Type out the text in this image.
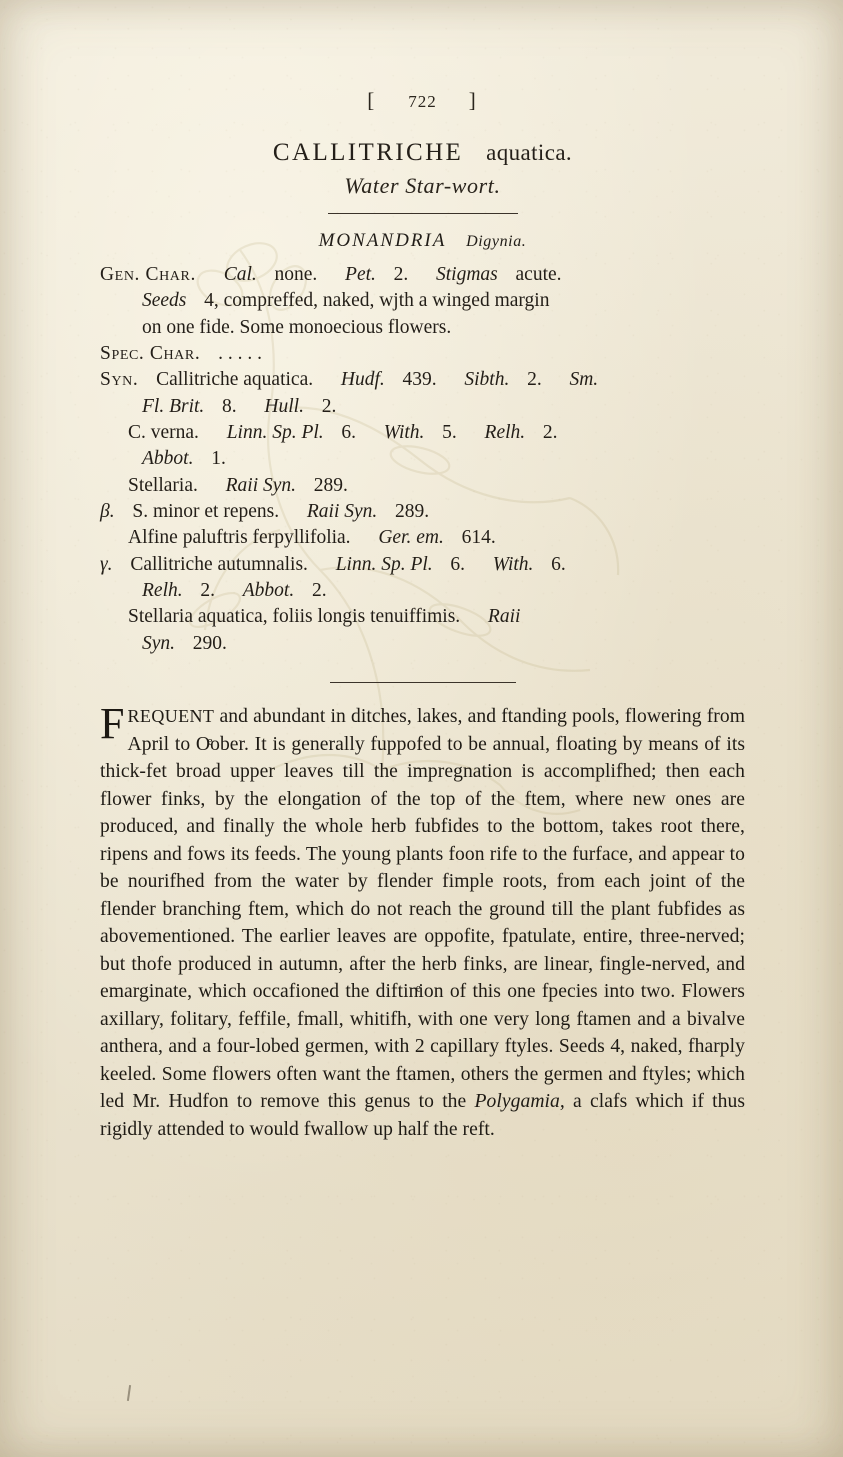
[ 722 ]
CALLITRICHE aquatica.
Water Star-wort.
MONANDRIA Digynia.
Gen. Char. Cal. none. Pet. 2. Stigmas acute.
Seeds 4, compreffed, naked, wjth a winged margin
on one fide. Some monoecious flowers.
Spec. Char. . . . . .
Syn. Callitriche aquatica. Hudf. 439. Sibth. 2. Sm.
Fl. Brit. 8. Hull. 2.
C. verna. Linn. Sp. Pl. 6. With. 5. Relh. 2.
Abbot. 1.
Stellaria. Raii Syn. 289.
β. S. minor et repens. Raii Syn. 289.
Alfine paluftris ferpyllifolia. Ger. em. 614.
γ. Callitriche autumnalis. Linn. Sp. Pl. 6. With. 6.
Relh. 2. Abbot. 2.
Stellaria aquatica, foliis longis tenuiffimis. Raii
Syn. 290.

FREQUENT and abundant in ditches, lakes, and ftanding pools, flowering from April to Oͤober. It is generally fuppofed to be annual, floating by means of its thick-fet broad upper leaves till the impregnation is accomplifhed; then each flower finks, by the elongation of the top of the ftem, where new ones are produced, and finally the whole herb fubfides to the bottom, takes root there, ripens and fows its feeds. The young plants foon rife to the furface, and appear to be nourifhed from the water by flender fimple roots, from each joint of the flender branching ftem, which do not reach the ground till the plant fubfides as abovementioned. The earlier leaves are oppofite, fpatulate, entire, three-nerved; but thofe produced in autumn, after the herb finks, are linear, fingle-nerved, and emarginate, which occafioned the diftinͤion of this one fpecies into two. Flowers axillary, folitary, feffile, fmall, whitifh, with one very long ftamen and a bivalve anthera, and a four-lobed germen, with 2 capillary ftyles. Seeds 4, naked, fharply keeled. Some flowers often want the ftamen, others the germen and ftyles; which led Mr. Hudfon to remove this genus to the Polygamia, a clafs which if thus rigidly attended to would fwallow up half the reft.
